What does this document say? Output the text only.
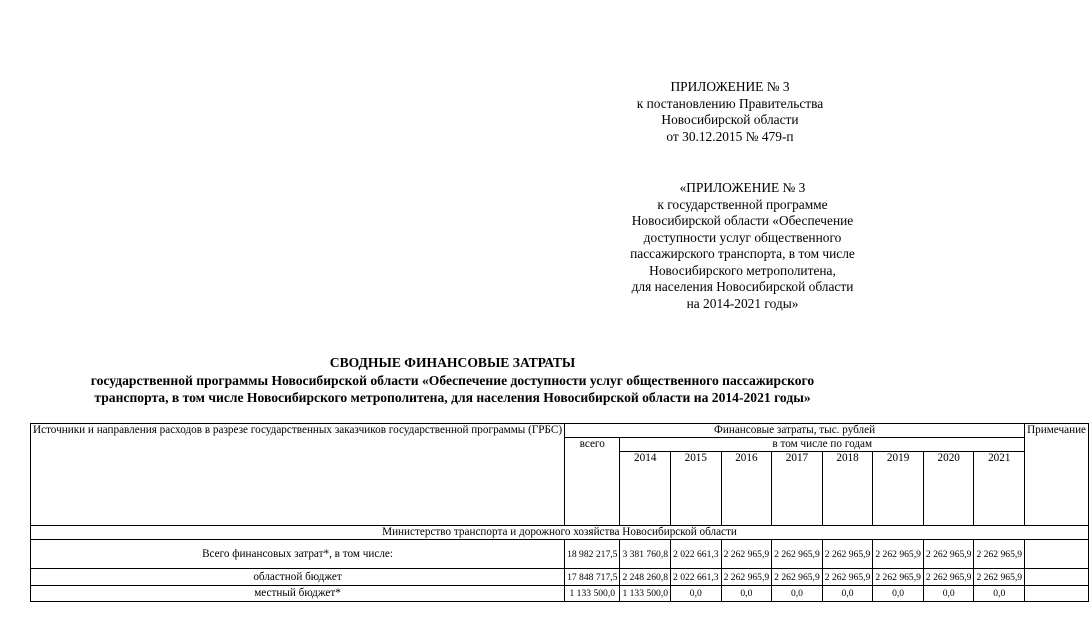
ПРИЛОЖЕНИЕ № 3
к постановлению Правительства
Новосибирской области
от 30.12.2015 № 479-п
«ПРИЛОЖЕНИЕ № 3
к государственной программе
Новосибирской области «Обеспечение
доступности услуг общественного
пассажирского транспорта, в том числе
Новосибирского метрополитена,
для населения Новосибирской области
на 2014-2021 годы»
СВОДНЫЕ ФИНАНСОВЫЕ ЗАТРАТЫ
государственной программы Новосибирской области «Обеспечение доступности услуг общественного пассажирского
транспорта, в том числе Новосибирского метрополитена, для населения Новосибирской области на 2014-2021 годы»
Источники и направления расходов в разрезе государственных заказчиков государственной программы (ГРБС)	Финансовые затраты, тыс. рублей									Примечание
	всего	в том числе по годам								
		2014	2015	2016	2017	2018	2019	2020	2021	
Министерство транспорта и дорожного хозяйства Новосибирской области										
Всего финансовых затрат*, в том числе:	18 982 217,5	3 381 760,8	2 022 661,3	2 262 965,9	2 262 965,9	2 262 965,9	2 262 965,9	2 262 965,9	2 262 965,9	
областной бюджет	17 848 717,5	2 248 260,8	2 022 661,3	2 262 965,9	2 262 965,9	2 262 965,9	2 262 965,9	2 262 965,9	2 262 965,9	
местный бюджет*	1 133 500,0	1 133 500,0	0,0	0,0	0,0	0,0	0,0	0,0	0,0	
